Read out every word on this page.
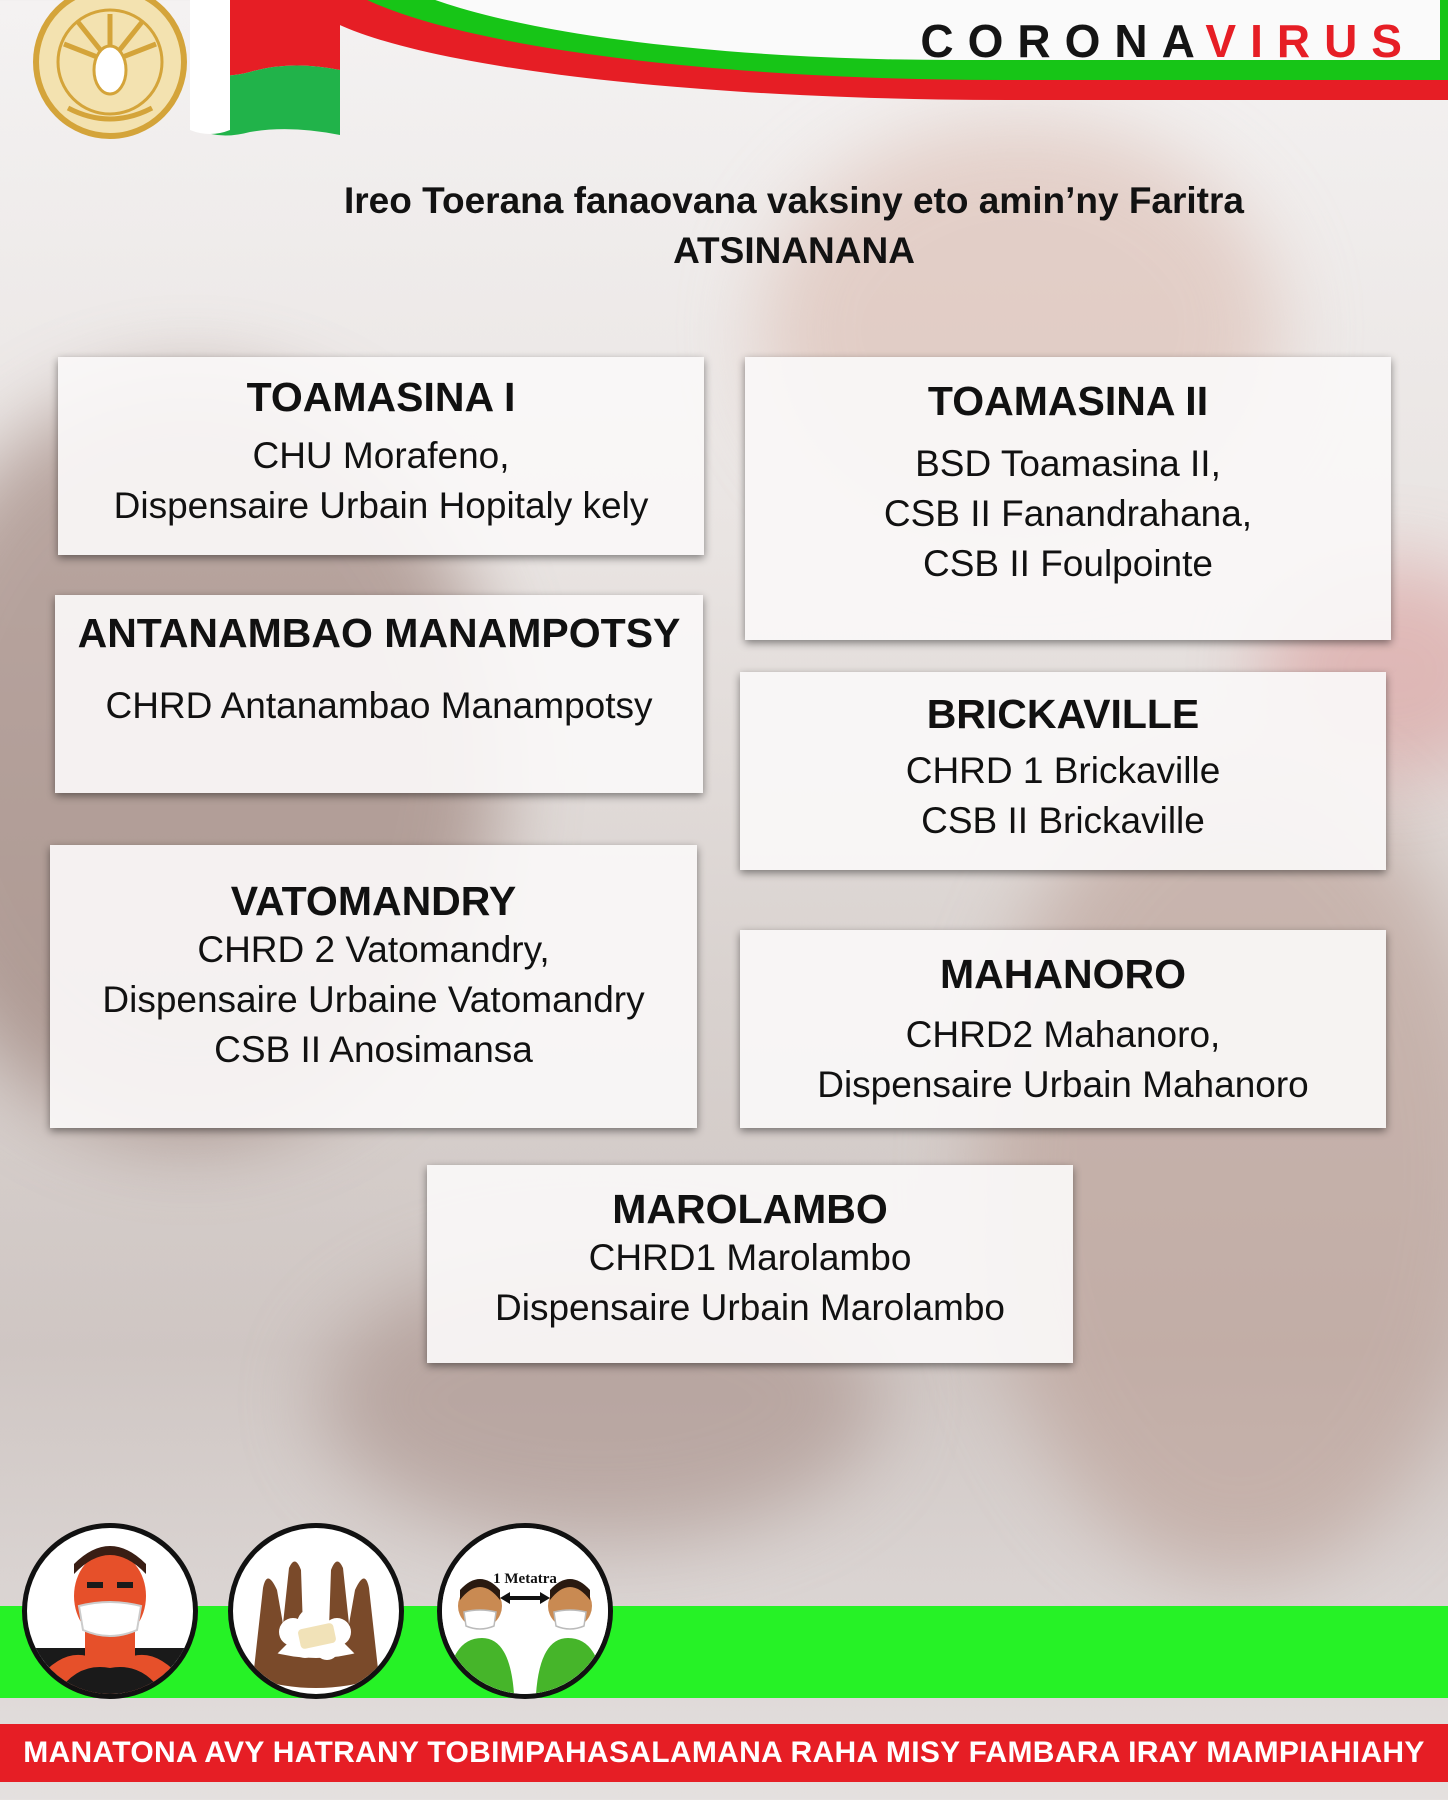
CORONAVIRUS
Ireo Toerana fanaovana vaksiny eto amin’ny Faritra
ATSINANANA
TOAMASINA I
CHU Morafeno,
Dispensaire Urbain Hopitaly kely
TOAMASINA II
BSD Toamasina II,
CSB II Fanandrahana,
CSB II Foulpointe
ANTANAMBAO MANAMPOTSY
CHRD Antanambao Manampotsy	BRICKAVILLE
CHRD 1 Brickaville
CSB II Brickaville
VATOMANDRY
CHRD 2 Vatomandry,
Dispensaire Urbaine Vatomandry
CSB II Anosimansa
MAHANORO
CHRD2 Mahanoro,
Dispensaire Urbain Mahanoro
MAROLAMBO
CHRD1 Marolambo
Dispensaire Urbain Marolambo
1 Metatra
MANATONA AVY HATRANY TOBIMPAHASALAMANA RAHA MISY FAMBARA IRAY MAMPIAHIAHY
